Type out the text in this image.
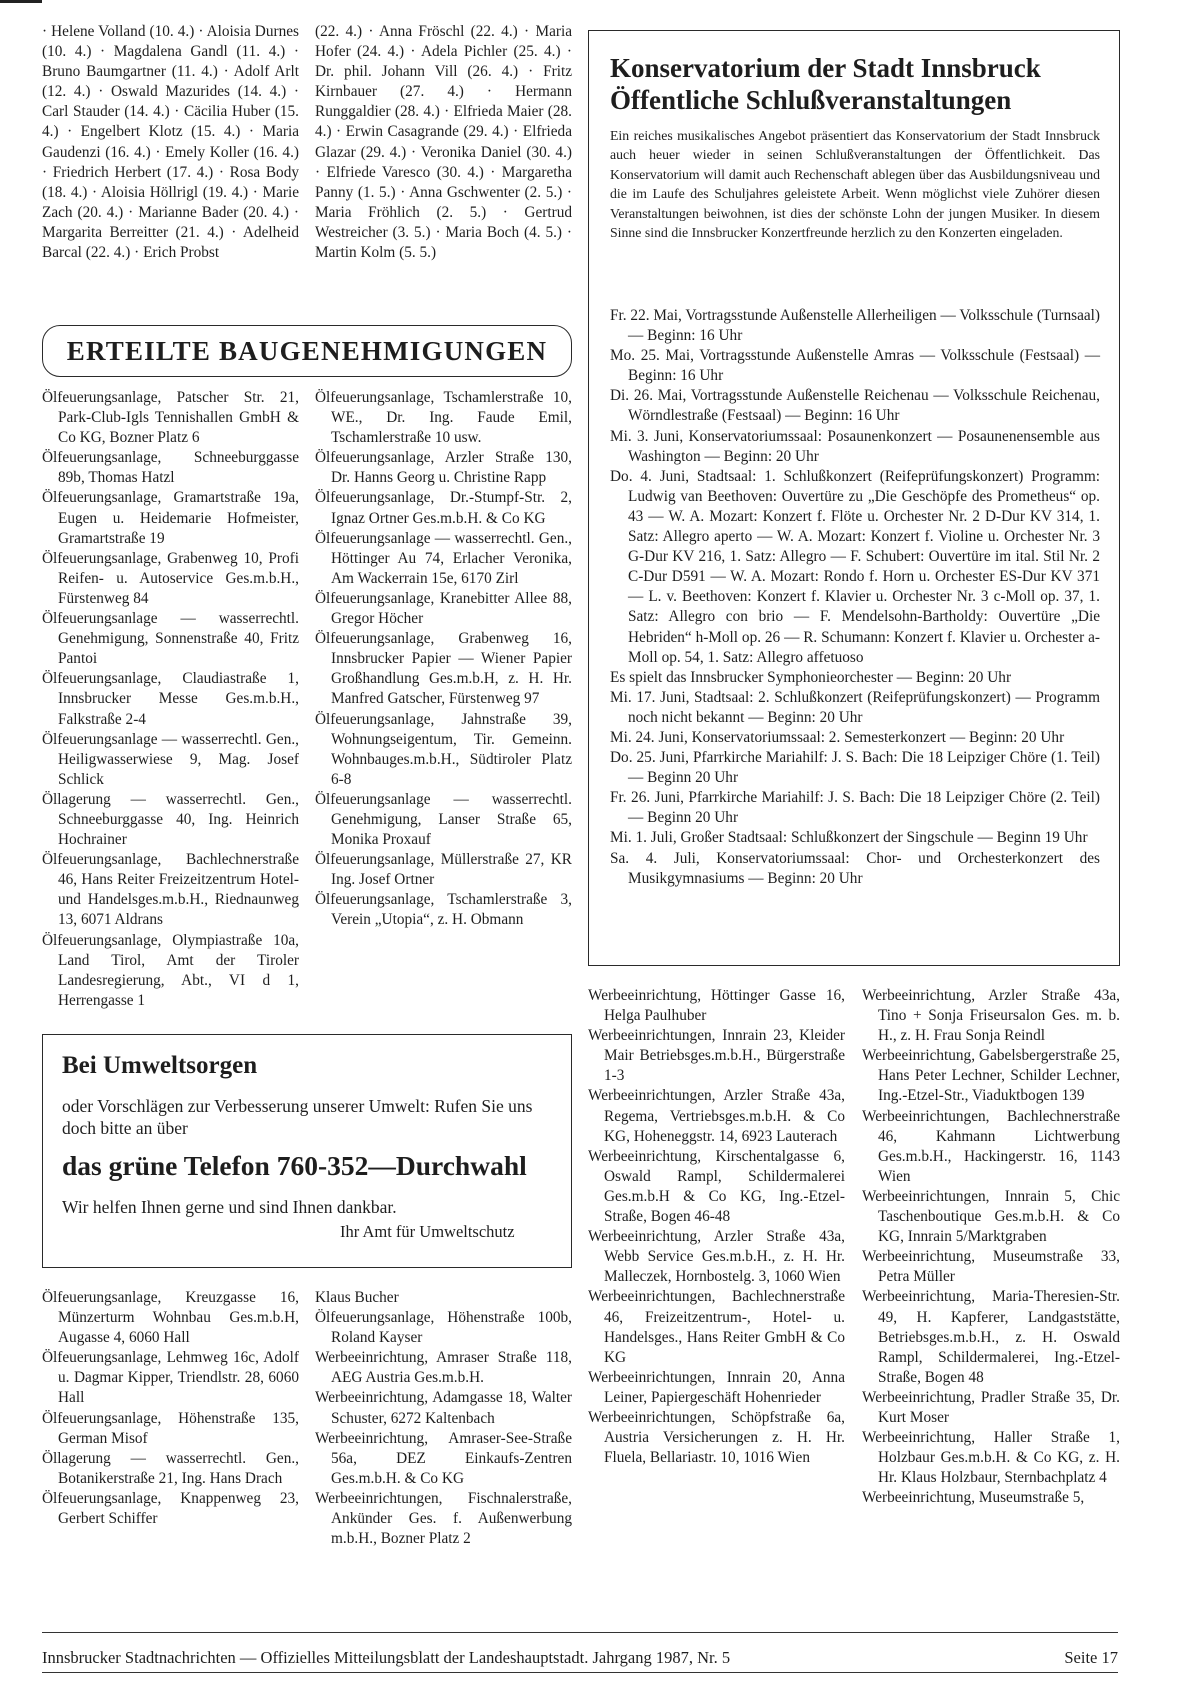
· Helene Volland (10. 4.) · Aloisia Durnes (10. 4.) · Magdalena Gandl (11. 4.) · Bruno Baumgartner (11. 4.) · Adolf Arlt (12. 4.) · Oswald Mazurides (14. 4.) · Carl Stauder (14. 4.) · Cäcilia Huber (15. 4.) · Engelbert Klotz (15. 4.) · Maria Gaudenzi (16. 4.) · Emely Koller (16. 4.) · Friedrich Herbert (17. 4.) · Rosa Body (18. 4.) · Aloisia Höllrigl (19. 4.) · Marie Zach (20. 4.) · Marianne Bader (20. 4.) · Margarita Berreitter (21. 4.) · Adelheid Barcal (22. 4.) · Erich Probst

(22. 4.) · Anna Fröschl (22. 4.) · Maria Hofer (24. 4.) · Adela Pichler (25. 4.) · Dr. phil. Johann Vill (26. 4.) · Fritz Kirnbauer (27. 4.) · Hermann Runggaldier (28. 4.) · Elfrieda Maier (28. 4.) · Erwin Casagrande (29. 4.) · Elfrieda Glazar (29. 4.) · Veronika Daniel (30. 4.) · Elfriede Varesco (30. 4.) · Margaretha Panny (1. 5.) · Anna Gschwenter (2. 5.) · Maria Fröhlich (2. 5.) · Gertrud Westreicher (3. 5.) · Maria Boch (4. 5.) · Martin Kolm (5. 5.)

ERTEILTE BAUGENEHMIGUNGEN

Ölfeuerungsanlage, Patscher Str. 21, Park-Club-Igls Tennishallen GmbH & Co KG, Bozner Platz 6

Ölfeuerungsanlage, Schneeburggasse 89b, Thomas Hatzl

Ölfeuerungsanlage, Gramartstraße 19a, Eugen u. Heidemarie Hofmeister, Gramartstraße 19

Ölfeuerungsanlage, Grabenweg 10, Profi Reifen- u. Autoservice Ges.m.b.H., Fürstenweg 84

Ölfeuerungsanlage — wasserrechtl. Genehmigung, Sonnenstraße 40, Fritz Pantoi

Ölfeuerungsanlage, Claudiastraße 1, Innsbrucker Messe Ges.m.b.H., Falkstraße 2-4

Ölfeuerungsanlage — wasserrechtl. Gen., Heiligwasserwiese 9, Mag. Josef Schlick

Öllagerung — wasserrechtl. Gen., Schneeburggasse 40, Ing. Heinrich Hochrainer

Ölfeuerungsanlage, Bachlechnerstraße 46, Hans Reiter Freizeitzentrum Hotel- und Handelsges.m.b.H., Riednaunweg 13, 6071 Aldrans

Ölfeuerungsanlage, Olympiastraße 10a, Land Tirol, Amt der Tiroler Landesregierung, Abt., VI d 1, Herrengasse 1

Ölfeuerungsanlage, Tschamlerstraße 10, WE., Dr. Ing. Faude Emil, Tschamlerstraße 10 usw.

Ölfeuerungsanlage, Arzler Straße 130, Dr. Hanns Georg u. Christine Rapp

Ölfeuerungsanlage, Dr.-Stumpf-Str. 2, Ignaz Ortner Ges.m.b.H. & Co KG

Ölfeuerungsanlage — wasserrechtl. Gen., Höttinger Au 74, Erlacher Veronika, Am Wackerrain 15e, 6170 Zirl

Ölfeuerungsanlage, Kranebitter Allee 88, Gregor Höcher

Ölfeuerungsanlage, Grabenweg 16, Innsbrucker Papier — Wiener Papier Großhandlung Ges.m.b.H, z. H. Hr. Manfred Gatscher, Fürstenweg 97

Ölfeuerungsanlage, Jahnstraße 39, Wohnungseigentum, Tir. Gemeinn. Wohnbauges.m.b.H., Südtiroler Platz 6-8

Ölfeuerungsanlage — wasserrechtl. Genehmigung, Lanser Straße 65, Monika Proxauf

Ölfeuerungsanlage, Müllerstraße 27, KR Ing. Josef Ortner

Ölfeuerungsanlage, Tschamlerstraße 3, Verein „Utopia“, z. H. Obmann

Konservatorium der Stadt Innsbruck
Öffentliche Schlußveranstaltungen

Ein reiches musikalisches Angebot präsentiert das Konservatorium der Stadt Innsbruck auch heuer wieder in seinen Schlußveranstaltungen der Öffentlichkeit. Das Konservatorium will damit auch Rechenschaft ablegen über das Ausbildungsniveau und die im Laufe des Schuljahres geleistete Arbeit. Wenn möglichst viele Zuhörer diesen Veranstaltungen beiwohnen, ist dies der schönste Lohn der jungen Musiker. In diesem Sinne sind die Innsbrucker Konzertfreunde herzlich zu den Konzerten eingeladen.

Fr. 22. Mai, Vortragsstunde Außenstelle Allerheiligen — Volksschule (Turnsaal) — Beginn: 16 Uhr

Mo. 25. Mai, Vortragsstunde Außenstelle Amras — Volksschule (Festsaal) — Beginn: 16 Uhr

Di. 26. Mai, Vortragsstunde Außenstelle Reichenau — Volksschule Reichenau, Wörndlestraße (Festsaal) — Beginn: 16 Uhr

Mi. 3. Juni, Konservatoriumssaal: Posaunenkonzert — Posaunenensemble aus Washington — Beginn: 20 Uhr

Do. 4. Juni, Stadtsaal: 1. Schlußkonzert (Reifeprüfungskonzert) Programm: Ludwig van Beethoven: Ouvertüre zu „Die Geschöpfe des Prometheus“ op. 43 — W. A. Mozart: Konzert f. Flöte u. Orchester Nr. 2 D-Dur KV 314, 1. Satz: Allegro aperto — W. A. Mozart: Konzert f. Violine u. Orchester Nr. 3 G-Dur KV 216, 1. Satz: Allegro — F. Schubert: Ouvertüre im ital. Stil Nr. 2 C-Dur D591 — W. A. Mozart: Rondo f. Horn u. Orchester ES-Dur KV 371 — L. v. Beethoven: Konzert f. Klavier u. Orchester Nr. 3 c-Moll op. 37, 1. Satz: Allegro con brio — F. Mendelsohn-Bartholdy: Ouvertüre „Die Hebriden“ h-Moll op. 26 — R. Schumann: Konzert f. Klavier u. Orchester a-Moll op. 54, 1. Satz: Allegro affetuoso

Es spielt das Innsbrucker Symphonieorchester — Beginn: 20 Uhr

Mi. 17. Juni, Stadtsaal: 2. Schlußkonzert (Reifeprüfungskonzert) — Programm noch nicht bekannt — Beginn: 20 Uhr

Mi. 24. Juni, Konservatoriumssaal: 2. Semesterkonzert — Beginn: 20 Uhr

Do. 25. Juni, Pfarrkirche Mariahilf: J. S. Bach: Die 18 Leipziger Chöre (1. Teil) — Beginn 20 Uhr

Fr. 26. Juni, Pfarrkirche Mariahilf: J. S. Bach: Die 18 Leipziger Chöre (2. Teil) — Beginn 20 Uhr

Mi. 1. Juli, Großer Stadtsaal: Schlußkonzert der Singschule — Beginn 19 Uhr

Sa. 4. Juli, Konservatoriumssaal: Chor- und Orchesterkonzert des Musikgymnasiums — Beginn: 20 Uhr

Bei Umweltsorgen

oder Vorschlägen zur Verbesserung unserer Umwelt: Rufen Sie uns doch bitte an über

das grüne Telefon 760-352—Durchwahl
Wir helfen Ihnen gerne und sind Ihnen dankbar.
Ihr Amt für Umweltschutz

Ölfeuerungsanlage, Kreuzgasse 16, Münzerturm Wohnbau Ges.m.b.H, Augasse 4, 6060 Hall

Ölfeuerungsanlage, Lehmweg 16c, Adolf u. Dagmar Kipper, Triendlstr. 28, 6060 Hall

Ölfeuerungsanlage, Höhenstraße 135, German Misof

Öllagerung — wasserrechtl. Gen., Botanikerstraße 21, Ing. Hans Drach

Ölfeuerungsanlage, Knappenweg 23, Gerbert Schiffer

Klaus Bucher

Ölfeuerungsanlage, Höhenstraße 100b, Roland Kayser

Werbeeinrichtung, Amraser Straße 118, AEG Austria Ges.m.b.H.

Werbeeinrichtung, Adamgasse 18, Walter Schuster, 6272 Kaltenbach

Werbeeinrichtung, Amraser-See-Straße 56a, DEZ Einkaufs-Zentren Ges.m.b.H. & Co KG

Werbeeinrichtungen, Fischnalerstraße, Ankünder Ges. f. Außenwerbung m.b.H., Bozner Platz 2

Werbeeinrichtung, Höttinger Gasse 16, Helga Paulhuber

Werbeeinrichtungen, Innrain 23, Kleider Mair Betriebsges.m.b.H., Bürgerstraße 1-3

Werbeeinrichtungen, Arzler Straße 43a, Regema, Vertriebsges.m.b.H. & Co KG, Hoheneggstr. 14, 6923 Lauterach

Werbeeinrichtung, Kirschentalgasse 6, Oswald Rampl, Schildermalerei Ges.m.b.H & Co KG, Ing.-Etzel-Straße, Bogen 46-48

Werbeeinrichtung, Arzler Straße 43a, Webb Service Ges.m.b.H., z. H. Hr. Malleczek, Hornbostelg. 3, 1060 Wien

Werbeeinrichtungen, Bachlechnerstraße 46, Freizeitzentrum-, Hotel- u. Handelsges., Hans Reiter GmbH & Co KG

Werbeeinrichtungen, Innrain 20, Anna Leiner, Papiergeschäft Hohenrieder

Werbeeinrichtungen, Schöpfstraße 6a, Austria Versicherungen z. H. Hr. Fluela, Bellariastr. 10, 1016 Wien

Werbeeinrichtung, Arzler Straße 43a, Tino + Sonja Friseursalon Ges. m. b. H., z. H. Frau Sonja Reindl

Werbeeinrichtung, Gabelsbergerstraße 25, Hans Peter Lechner, Schilder Lechner, Ing.-Etzel-Str., Viaduktbogen 139

Werbeeinrichtungen, Bachlechnerstraße 46, Kahmann Lichtwerbung Ges.m.b.H., Hackingerstr. 16, 1143 Wien

Werbeeinrichtungen, Innrain 5, Chic Taschenboutique Ges.m.b.H. & Co KG, Innrain 5/Marktgraben

Werbeeinrichtung, Museumstraße 33, Petra Müller

Werbeeinrichtung, Maria-Theresien-Str. 49, H. Kapferer, Landgaststätte, Betriebsges.m.b.H., z. H. Oswald Rampl, Schildermalerei, Ing.-Etzel-Straße, Bogen 48

Werbeeinrichtung, Pradler Straße 35, Dr. Kurt Moser

Werbeeinrichtung, Haller Straße 1, Holzbaur Ges.m.b.H. & Co KG, z. H. Hr. Klaus Holzbaur, Sternbachplatz 4

Werbeeinrichtung, Museumstraße 5,

Innsbrucker Stadtnachrichten — Offizielles Mitteilungsblatt der Landeshauptstadt. Jahrgang 1987, Nr. 5	Seite 17
